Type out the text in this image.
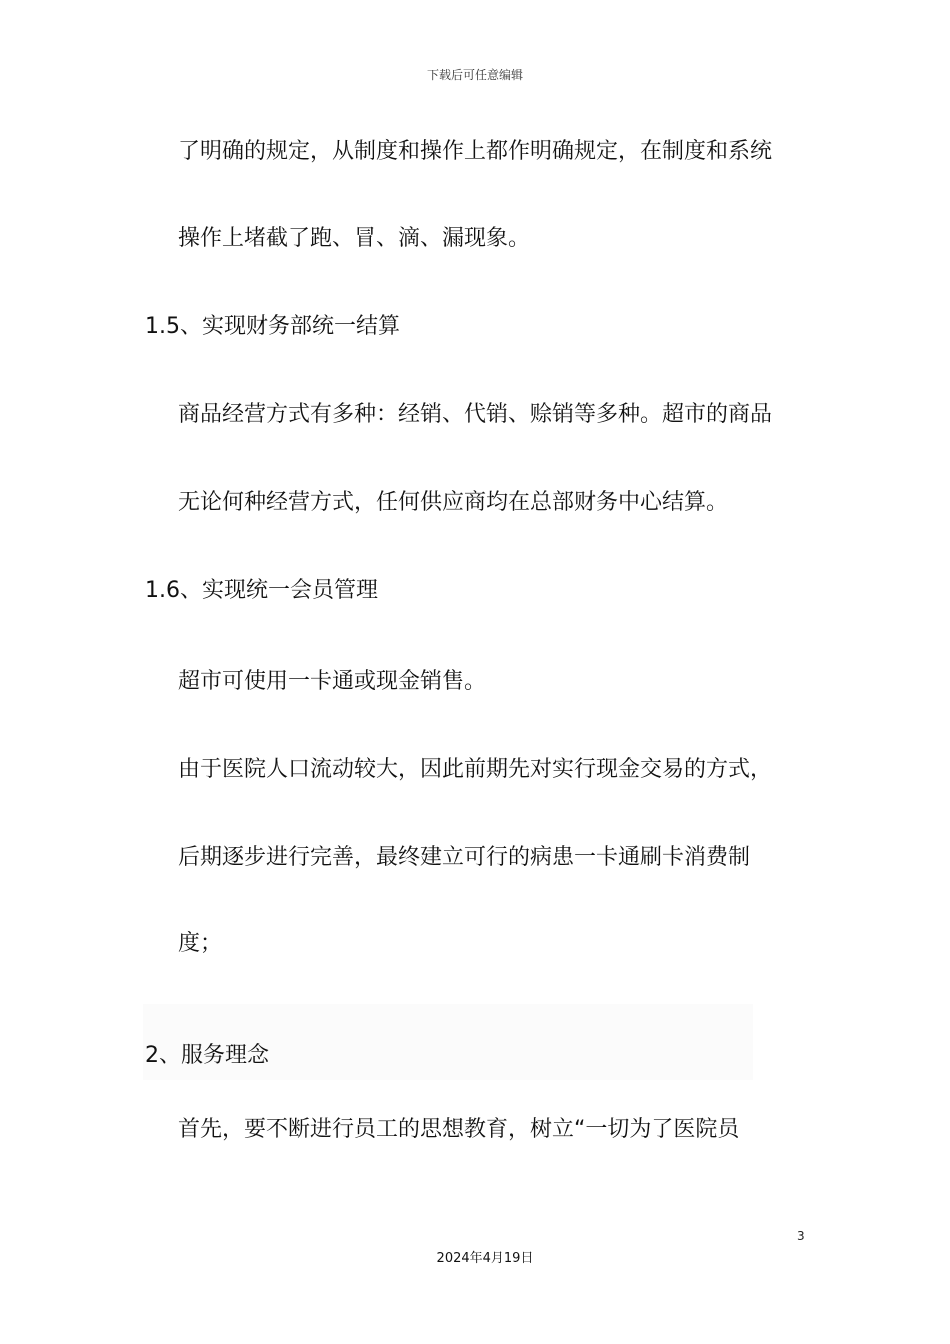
下载后可任意编辑
了明确的规定，从制度和操作上都作明确规定，在制度和系统
操作上堵截了跑、冒、滴、漏现象。
1.5、实现财务部统一结算
商品经营方式有多种：经销、代销、赊销等多种。超市的商品
无论何种经营方式，任何供应商均在总部财务中心结算。
1.6、实现统一会员管理
超市可使用一卡通或现金销售。
由于医院人口流动较大，因此前期先对实行现金交易的方式，
后期逐步进行完善，最终建立可行的病患一卡通刷卡消费制
度；
2、服务理念
首先，要不断进行员工的思想教育，树立“一切为了医院员
3
2024年4月19日
